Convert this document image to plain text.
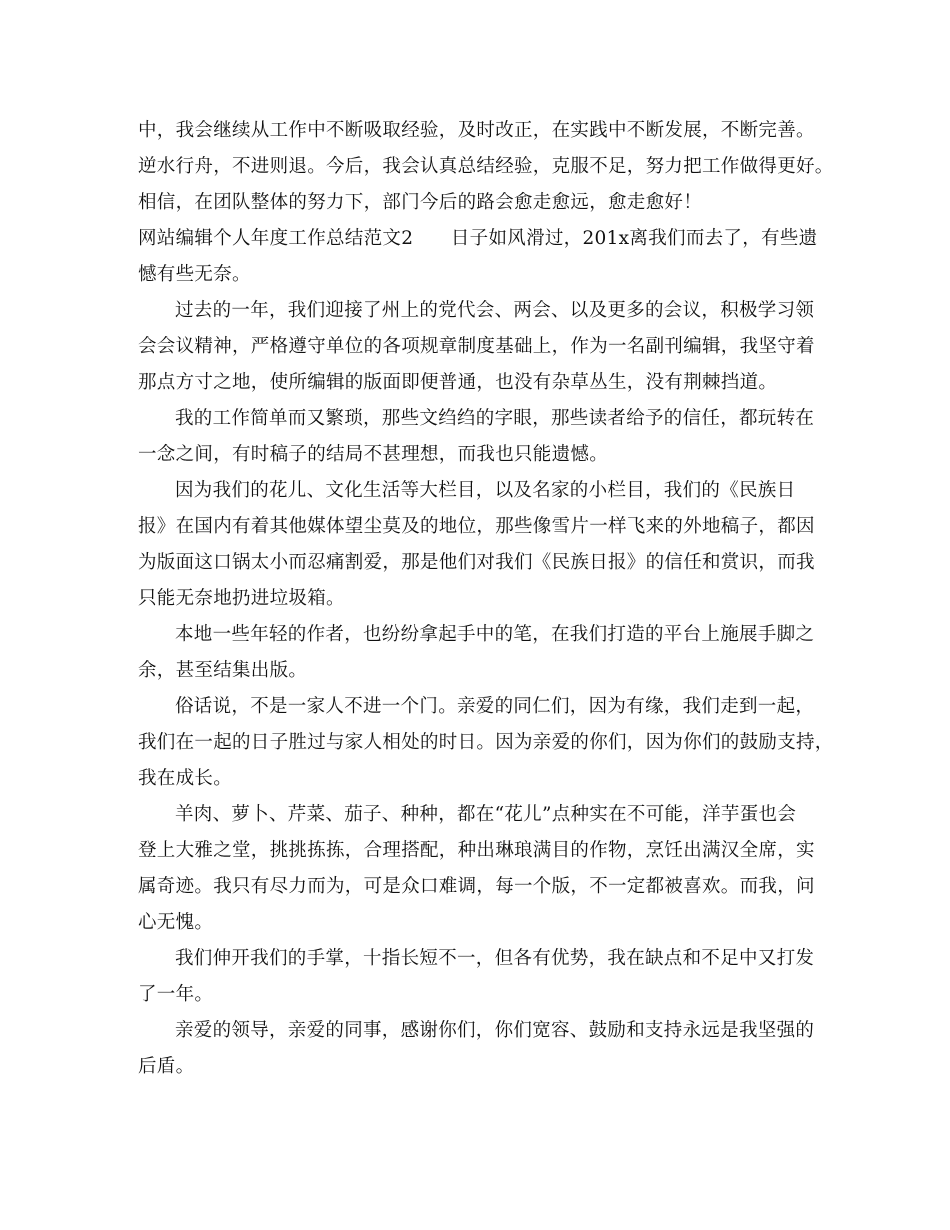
中，我会继续从工作中不断吸取经验，及时改正，在实践中不断发展，不断完善。
逆水行舟，不进则退。今后，我会认真总结经验，克服不足，努力把工作做得更好。
相信，在团队整体的努力下，部门今后的路会愈走愈远，愈走愈好！
网站编辑个人年度工作总结范文2　　日子如风滑过，201x离我们而去了，有些遗
憾有些无奈。
过去的一年，我们迎接了州上的党代会、两会、以及更多的会议，积极学习领
会会议精神，严格遵守单位的各项规章制度基础上，作为一名副刊编辑，我坚守着
那点方寸之地，使所编辑的版面即便普通，也没有杂草丛生，没有荆棘挡道。
我的工作简单而又繁琐，那些文绉绉的字眼，那些读者给予的信任，都玩转在
一念之间，有时稿子的结局不甚理想，而我也只能遗憾。
因为我们的花儿、文化生活等大栏目，以及名家的小栏目，我们的《民族日
报》在国内有着其他媒体望尘莫及的地位，那些像雪片一样飞来的外地稿子，都因
为版面这口锅太小而忍痛割爱，那是他们对我们《民族日报》的信任和赏识，而我
只能无奈地扔进垃圾箱。
本地一些年轻的作者，也纷纷拿起手中的笔，在我们打造的平台上施展手脚之
余，甚至结集出版。
俗话说，不是一家人不进一个门。亲爱的同仁们，因为有缘，我们走到一起，
我们在一起的日子胜过与家人相处的时日。因为亲爱的你们，因为你们的鼓励支持，
我在成长。
羊肉、萝卜、芹菜、茄子、种种，都在“花儿”点种实在不可能，洋芋蛋也会
登上大雅之堂，挑挑拣拣，合理搭配，种出琳琅满目的作物，烹饪出满汉全席，实
属奇迹。我只有尽力而为，可是众口难调，每一个版，不一定都被喜欢。而我，问
心无愧。
我们伸开我们的手掌，十指长短不一，但各有优势，我在缺点和不足中又打发
了一年。
亲爱的领导，亲爱的同事，感谢你们，你们宽容、鼓励和支持永远是我坚强的
后盾。
